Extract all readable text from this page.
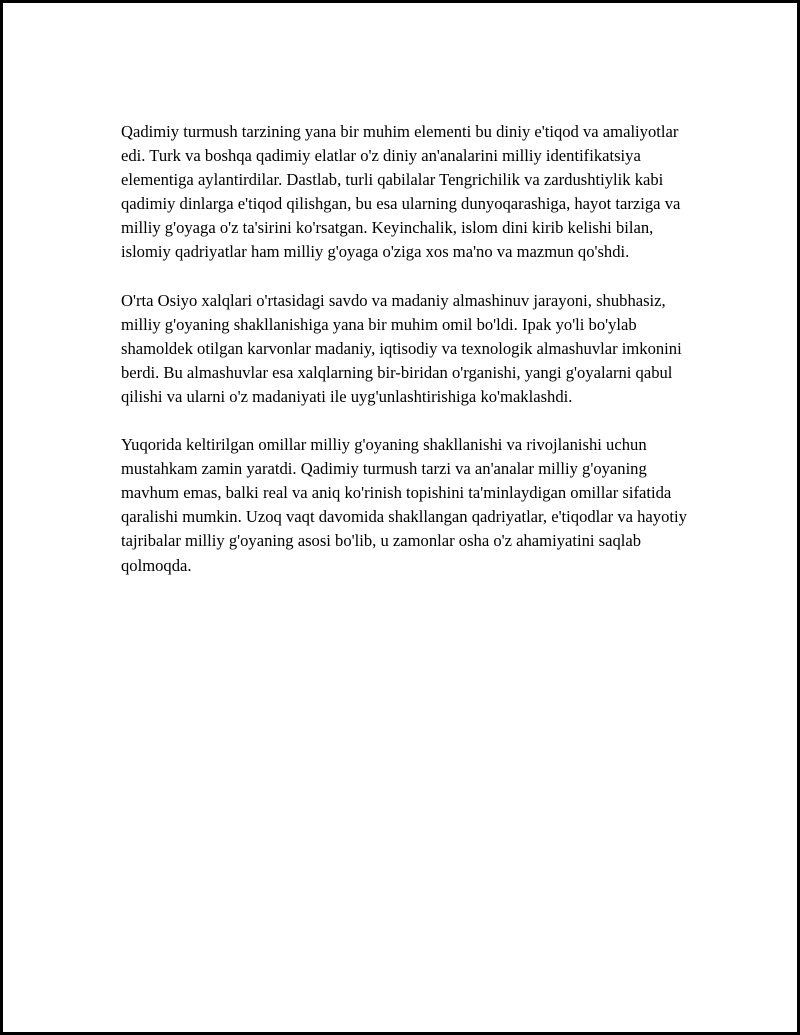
Qadimiy turmush tarzining yana bir muhim elementi bu diniy e'tiqod va amaliyotlar edi. Turk va boshqa qadimiy elatlar o'z diniy an'analarini milliy identifikatsiya elementiga aylantirdilar. Dastlab, turli qabilalar Tengrichilik va zardushtiylik kabi qadimiy dinlarga e'tiqod qilishgan, bu esa ularning dunyoqarashiga, hayot tarziga va milliy g'oyaga o'z ta'sirini ko'rsatgan. Keyinchalik, islom dini kirib kelishi bilan, islomiy qadriyatlar ham milliy g'oyaga o'ziga xos ma'no va mazmun qo'shdi.

O'rta Osiyo xalqlari o'rtasidagi savdo va madaniy almashinuv jarayoni, shubhasiz, milliy g'oyaning shakllanishiga yana bir muhim omil bo'ldi. Ipak yo'li bo'ylab shamoldek otilgan karvonlar madaniy, iqtisodiy va texnologik almashuvlar imkonini berdi. Bu almashuvlar esa xalqlarning bir-biridan o'rganishi, yangi g'oyalarni qabul qilishi va ularni o'z madaniyati ile uyg'unlashtirishiga ko'maklashdi.

Yuqorida keltirilgan omillar milliy g'oyaning shakllanishi va rivojlanishi uchun mustahkam zamin yaratdi. Qadimiy turmush tarzi va an'analar milliy g'oyaning mavhum emas, balki real va aniq ko'rinish topishini ta'minlaydigan omillar sifatida qaralishi mumkin. Uzoq vaqt davomida shakllangan qadriyatlar, e'tiqodlar va hayotiy tajribalar milliy g'oyaning asosi bo'lib, u zamonlar osha o'z ahamiyatini saqlab qolmoqda.
